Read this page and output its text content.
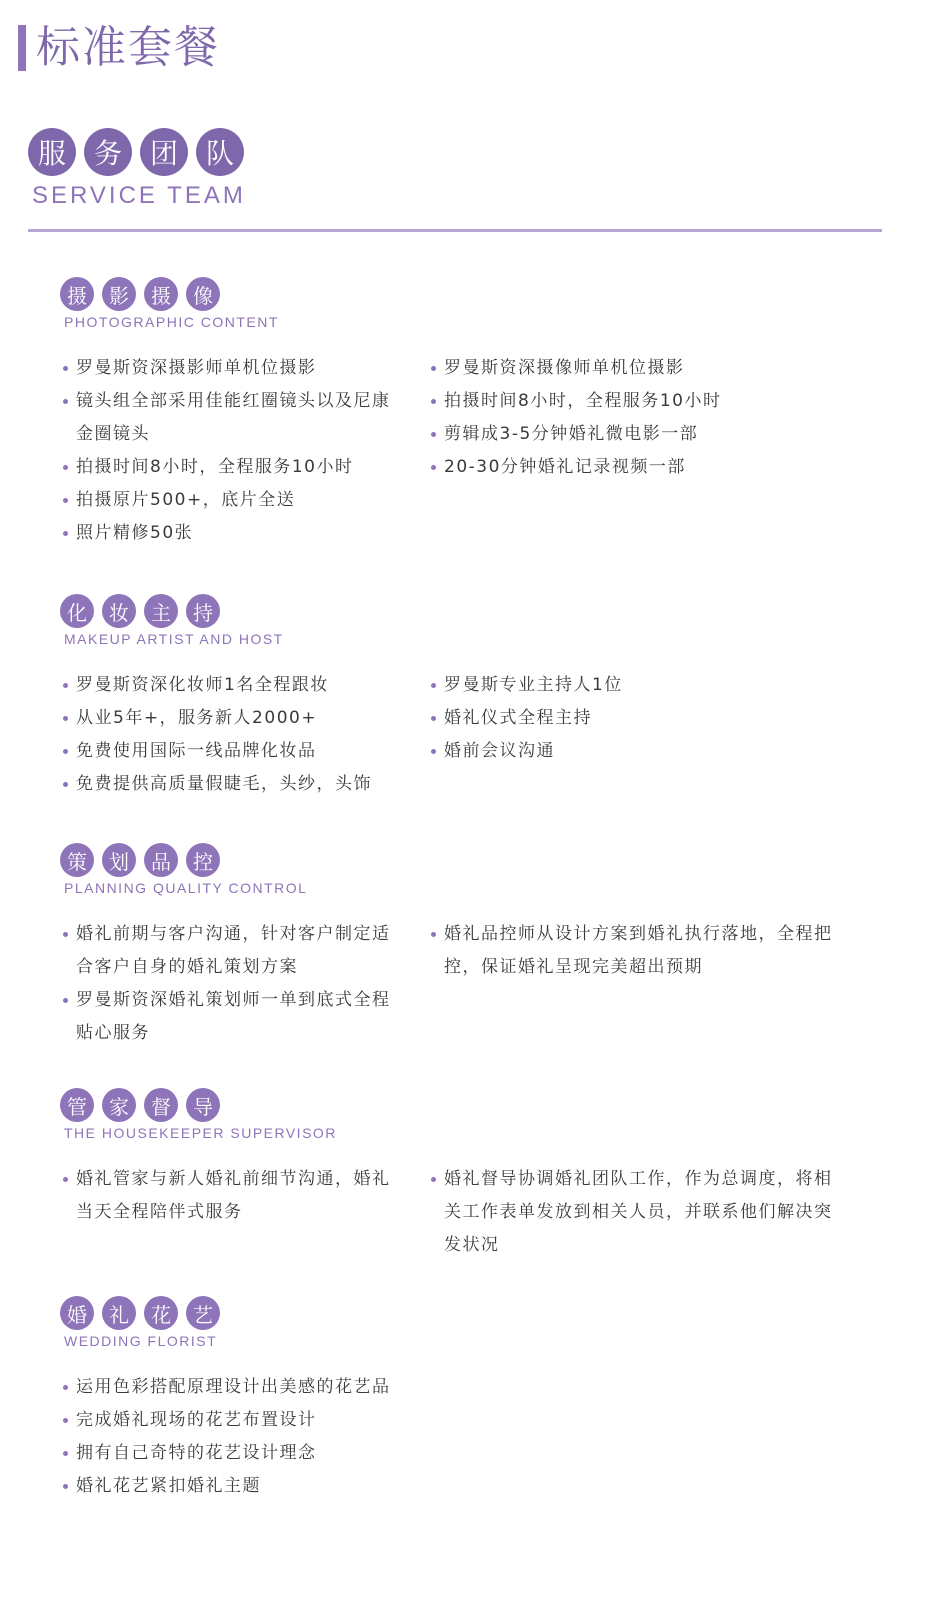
标准套餐
服 务 团 队
SERVICE TEAM
摄	影	摄	像
PHOTOGRAPHIC CONTENT
罗曼斯资深摄影师单机位摄影
镜头组全部采用佳能红圈镜头以及尼康金圈镜头
拍摄时间8小时，全程服务10小时
拍摄原片500+，底片全送
照片精修50张
罗曼斯资深摄像师单机位摄影
拍摄时间8小时，全程服务10小时
剪辑成3-5分钟婚礼微电影一部
20-30分钟婚礼记录视频一部
化	妆	主	持
MAKEUP ARTIST AND HOST
罗曼斯资深化妆师1名全程跟妆
从业5年+，服务新人2000+
免费使用国际一线品牌化妆品
免费提供高质量假睫毛，头纱，头饰
罗曼斯专业主持人1位
婚礼仪式全程主持
婚前会议沟通
策	划	品	控
PLANNING QUALITY CONTROL
婚礼前期与客户沟通，针对客户制定适合客户自身的婚礼策划方案
罗曼斯资深婚礼策划师一单到底式全程贴心服务
婚礼品控师从设计方案到婚礼执行落地，全程把控，保证婚礼呈现完美超出预期
管	家	督	导
THE HOUSEKEEPER SUPERVISOR
婚礼管家与新人婚礼前细节沟通，婚礼当天全程陪伴式服务
婚礼督导协调婚礼团队工作，作为总调度，将相关工作表单发放到相关人员，并联系他们解决突发状况
婚	礼	花	艺
WEDDING FLORIST
运用色彩搭配原理设计出美感的花艺品
完成婚礼现场的花艺布置设计
拥有自己奇特的花艺设计理念
婚礼花艺紧扣婚礼主题
